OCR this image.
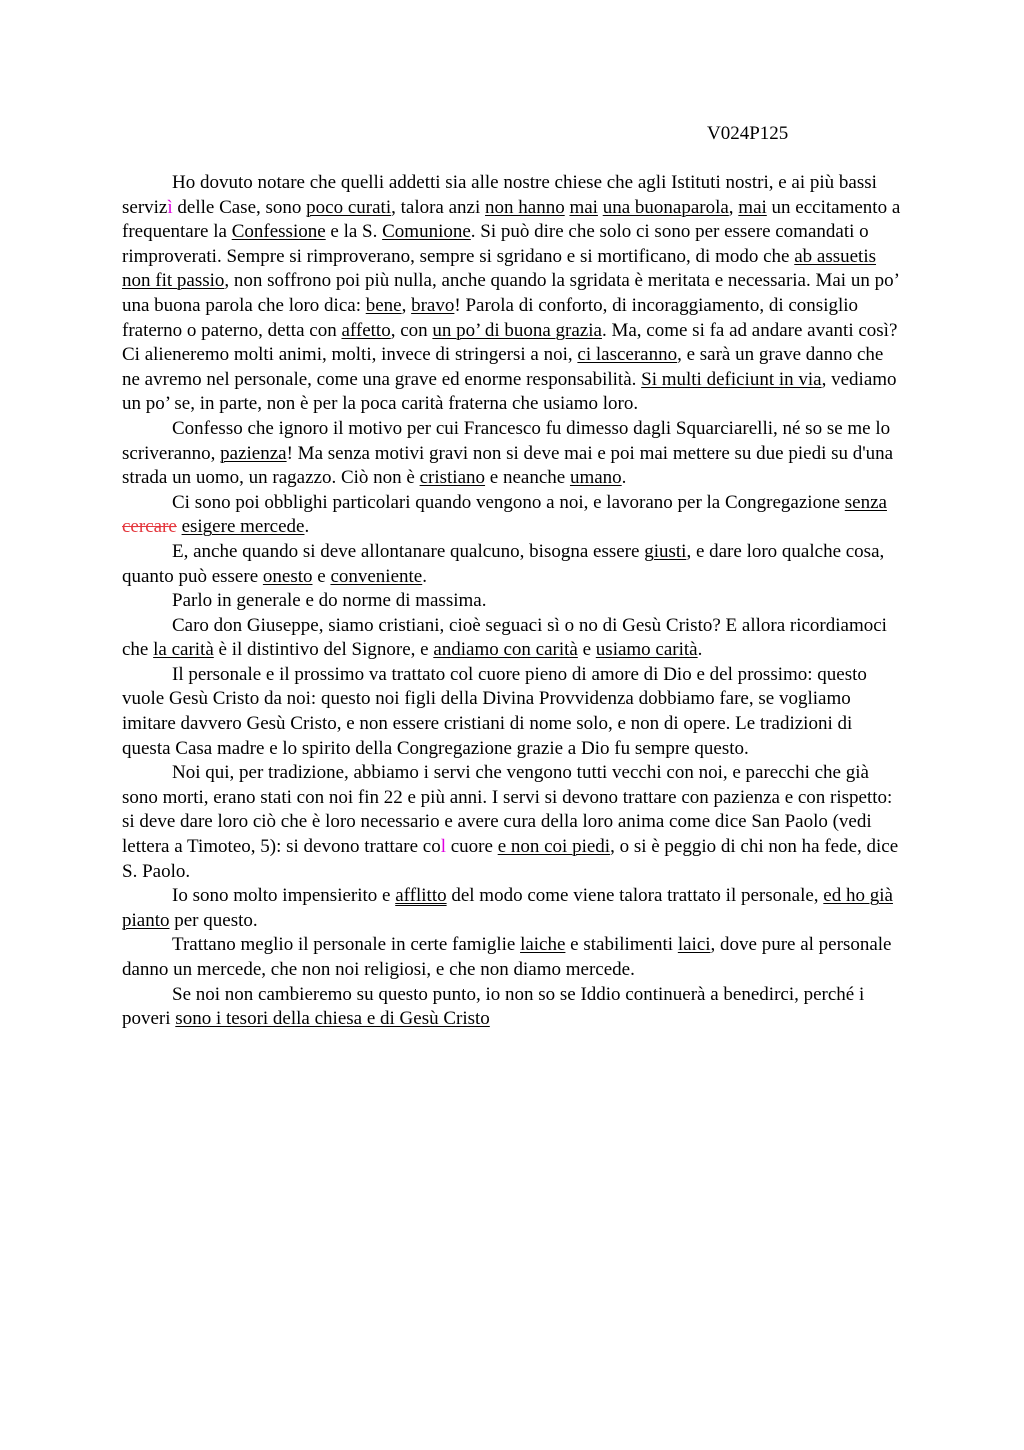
V024P125

Ho dovuto notare che quelli addetti sia alle nostre chiese che agli Istituti nostri, e ai più bassi servizì delle Case, sono poco curati, talora anzi non hanno mai una buonaparola, mai un eccitamento a frequentare la Confessione e la S. Comunione. Si può dire che solo ci sono per essere comandati o rimproverati. Sempre si rimproverano, sempre si sgridano e si mortificano, di modo che ab assuetis non fit passio, non soffrono poi più nulla, anche quando la sgridata è meritata e necessaria. Mai un po’ una buona parola che loro dica: bene, bravo! Parola di conforto, di incoraggiamento, di consiglio fraterno o paterno, detta con affetto, con un po’ di buona grazia. Ma, come si fa ad andare avanti così? Ci alieneremo molti animi, molti, invece di stringersi a noi, ci lasceranno, e sarà un grave danno che ne avremo nel personale, come una grave ed enorme responsabilità. Si multi deficiunt in via, vediamo un po’ se, in parte, non è per la poca carità fraterna che usiamo loro.

Confesso che ignoro il motivo per cui Francesco fu dimesso dagli Squarciarelli, né so se me lo scriveranno, pazienza! Ma senza motivi gravi non si deve mai e poi mai mettere su due piedi su d'una strada un uomo, un ragazzo. Ciò non è cristiano e neanche umano.

Ci sono poi obblighi particolari quando vengono a noi, e lavorano per la Congregazione senza cercare esigere mercede.

E, anche quando si deve allontanare qualcuno, bisogna essere giusti, e dare loro qualche cosa, quanto può essere onesto e conveniente.

Parlo in generale e do norme di massima.

Caro don Giuseppe, siamo cristiani, cioè seguaci sì o no di Gesù Cristo? E allora ricordiamoci che la carità è il distintivo del Signore, e andiamo con carità e usiamo carità.

Il personale e il prossimo va trattato col cuore pieno di amore di Dio e del prossimo: questo vuole Gesù Cristo da noi: questo noi figli della Divina Provvidenza dobbiamo fare, se vogliamo imitare davvero Gesù Cristo, e non essere cristiani di nome solo, e non di opere. Le tradizioni di questa Casa madre e lo spirito della Congregazione grazie a Dio fu sempre questo.

Noi qui, per tradizione, abbiamo i servi che vengono tutti vecchi con noi, e parecchi che già sono morti, erano stati con noi fin 22 e più anni. I servi si devono trattare con pazienza e con rispetto: si deve dare loro ciò che è loro necessario e avere cura della loro anima come dice San Paolo (vedi lettera a Timoteo, 5): si devono trattare col cuore e non coi piedi, o si è peggio di chi non ha fede, dice S. Paolo.

Io sono molto impensierito e afflitto del modo come viene talora trattato il personale, ed ho già pianto per questo.

Trattano meglio il personale in certe famiglie laiche e stabilimenti laici, dove pure al personale danno un mercede, che non noi religiosi, e che non diamo mercede.

Se noi non cambieremo su questo punto, io non so se Iddio continuerà a benedirci, perché i poveri sono i tesori della chiesa e di Gesù Cristo
